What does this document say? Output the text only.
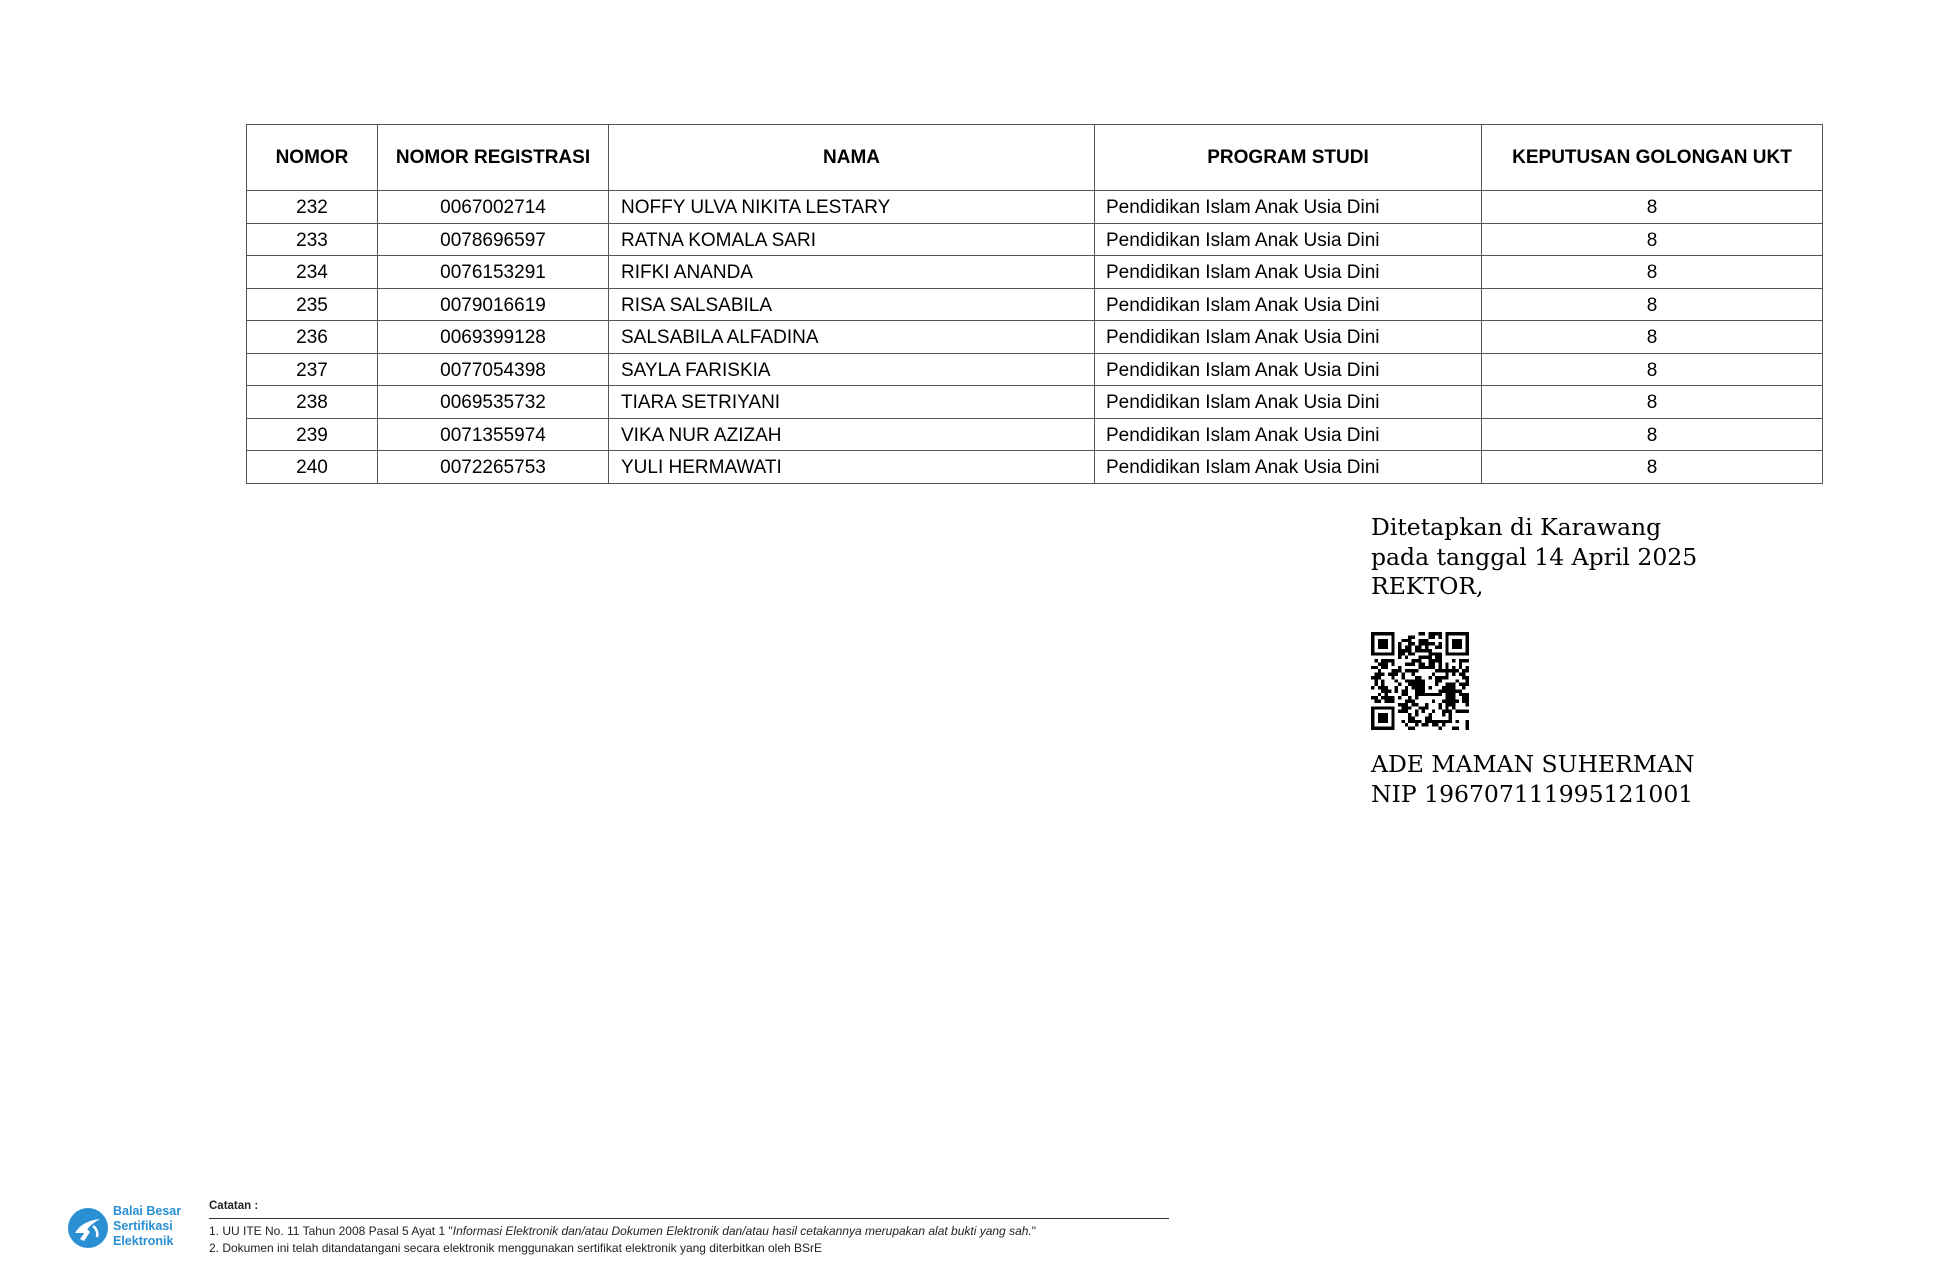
NOMOR	NOMOR REGISTRASI	NAMA	PROGRAM STUDI	KEPUTUSAN GOLONGAN UKT
232	0067002714	NOFFY ULVA NIKITA LESTARY	Pendidikan Islam Anak Usia Dini	8
233	0078696597	RATNA KOMALA SARI	Pendidikan Islam Anak Usia Dini	8
234	0076153291	RIFKI ANANDA	Pendidikan Islam Anak Usia Dini	8
235	0079016619	RISA SALSABILA	Pendidikan Islam Anak Usia Dini	8
236	0069399128	SALSABILA ALFADINA	Pendidikan Islam Anak Usia Dini	8
237	0077054398	SAYLA FARISKIA	Pendidikan Islam Anak Usia Dini	8
238	0069535732	TIARA SETRIYANI	Pendidikan Islam Anak Usia Dini	8
239	0071355974	VIKA NUR AZIZAH	Pendidikan Islam Anak Usia Dini	8
240	0072265753	YULI HERMAWATI	Pendidikan Islam Anak Usia Dini	8
Ditetapkan di Karawang
pada tanggal 14 April 2025
REKTOR,
ADE MAMAN SUHERMAN
NIP 196707111995121001
Balai Besar
Sertifikasi
Elektronik
Catatan :
1. UU ITE No. 11 Tahun 2008 Pasal 5 Ayat 1 "Informasi Elektronik dan/atau Dokumen Elektronik dan/atau hasil cetakannya merupakan alat bukti yang sah."
2. Dokumen ini telah ditandatangani secara elektronik menggunakan sertifikat elektronik yang diterbitkan oleh BSrE
